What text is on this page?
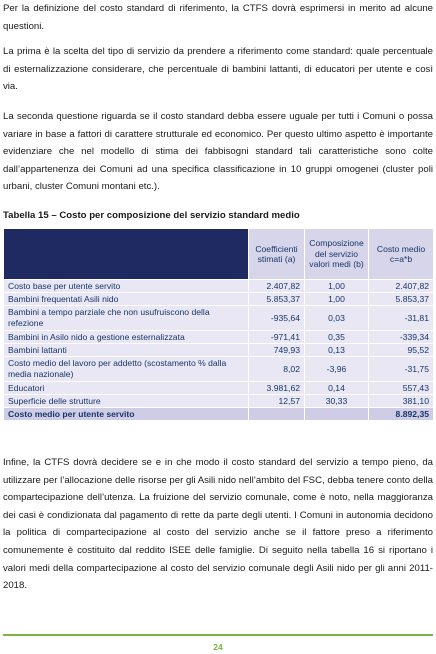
Per la definizione del costo standard di riferimento, la CTFS dovrà esprimersi in merito ad alcune questioni.

La prima è la scelta del tipo di servizio da prendere a riferimento come standard: quale percentuale di esternalizzazione considerare, che percentuale di bambini lattanti, di educatori per utente e così via.

La seconda questione riguarda se il costo standard debba essere uguale per tutti i Comuni o possa variare in base a fattori di carattere strutturale ed economico. Per questo ultimo aspetto è importante evidenziare che nel modello di stima dei fabbisogni standard tali caratteristiche sono colte dall’appartenenza dei Comuni ad una specifica classificazione in 10 gruppi omogenei (cluster poli urbani, cluster Comuni montani etc.).

Tabella 15 – Costo per composizione del servizio standard medio

	Coefficienti stimati (a)	Composizione del servizio valori medi (b)	Costo medio c=a*b
Costo base per utente servito	2.407,82	1,00	2.407,82
Bambini frequentati Asili nido	5.853,37	1,00	5.853,37
Bambini a tempo parziale che non usufruiscono della refezione	-935,64	0,03	-31,81
Bambini in Asilo nido a gestione esternalizzata	-971,41	0,35	-339,34
Bambini lattanti	749,93	0,13	95,52
Costo medio del lavoro per addetto (scostamento % dalla media nazionale)	8,02	-3,96	-31,75
Educatori	3.981,62	0,14	557,43
Superficie delle strutture	12,57	30,33	381,10
Costo medio per utente servito			8.892,35

Infine, la CTFS dovrà decidere se e in che modo il costo standard del servizio a tempo pieno, da utilizzare per l’allocazione delle risorse per gli Asili nido nell’ambito del FSC, debba tenere conto della compartecipazione dell’utenza. La fruizione del servizio comunale, come è noto, nella maggioranza dei casi è condizionata dal pagamento di rette da parte degli utenti. I Comuni in autonomia decidono la politica di compartecipazione al costo del servizio anche se il fattore preso a riferimento comunemente è costituito dal reddito ISEE delle famiglie. Di seguito nella tabella 16 si riportano i valori medi della compartecipazione al costo del servizio comunale degli Asili nido per gli anni 2011-2018.

24
